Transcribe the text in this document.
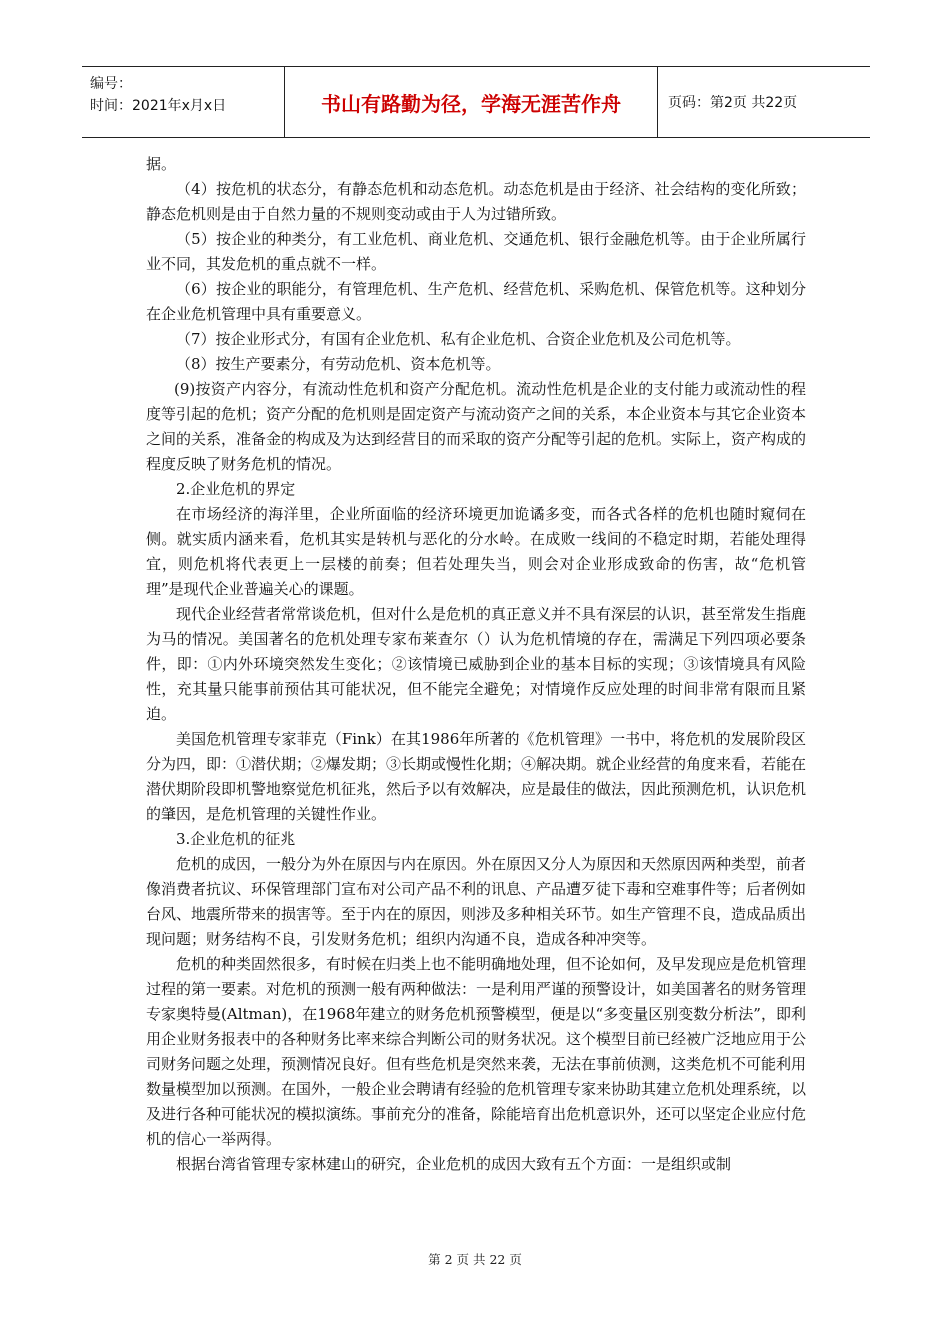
编号：
时间：2021年x月x日	书山有路勤为径，学海无涯苦作舟	页码：第2页 共22页

据。

（4）按危机的状态分，有静态危机和动态危机。动态危机是由于经济、社会结构的变化所致；静态危机则是由于自然力量的不规则变动或由于人为过错所致。

（5）按企业的种类分，有工业危机、商业危机、交通危机、银行金融危机等。由于企业所属行业不同，其发危机的重点就不一样。

（6）按企业的职能分，有管理危机、生产危机、经营危机、采购危机、保管危机等。这种划分在企业危机管理中具有重要意义。

（7）按企业形式分，有国有企业危机、私有企业危机、合资企业危机及公司危机等。

（8）按生产要素分，有劳动危机、资本危机等。

(9)按资产内容分，有流动性危机和资产分配危机。流动性危机是企业的支付能力或流动性的程度等引起的危机；资产分配的危机则是固定资产与流动资产之间的关系，本企业资本与其它企业资本之间的关系，准备金的构成及为达到经营目的而采取的资产分配等引起的危机。实际上，资产构成的程度反映了财务危机的情况。

2.企业危机的界定

在市场经济的海洋里，企业所面临的经济环境更加诡谲多变，而各式各样的危机也随时窥伺在侧。就实质内涵来看，危机其实是转机与恶化的分水岭。在成败一线间的不稳定时期，若能处理得宜，则危机将代表更上一层楼的前奏；但若处理失当，则会对企业形成致命的伤害，故“危机管理”是现代企业普遍关心的课题。

现代企业经营者常常谈危机，但对什么是危机的真正意义并不具有深层的认识，甚至常发生指鹿为马的情况。美国著名的危机处理专家布莱查尔（）认为危机情境的存在，需满足下列四项必要条件，即：①内外环境突然发生变化；②该情境已威胁到企业的基本目标的实现；③该情境具有风险性，充其量只能事前预估其可能状况，但不能完全避免；对情境作反应处理的时间非常有限而且紧迫。

美国危机管理专家菲克（Fink）在其1986年所著的《危机管理》一书中，将危机的发展阶段区分为四，即：①潜伏期；②爆发期；③长期或慢性化期；④解决期。就企业经营的角度来看，若能在潜伏期阶段即机警地察觉危机征兆，然后予以有效解决，应是最佳的做法，因此预测危机，认识危机的肇因，是危机管理的关键性作业。

3.企业危机的征兆

危机的成因，一般分为外在原因与内在原因。外在原因又分人为原因和天然原因两种类型，前者像消费者抗议、环保管理部门宣布对公司产品不利的讯息、产品遭歹徒下毒和空难事件等；后者例如台风、地震所带来的损害等。至于内在的原因，则涉及多种相关环节。如生产管理不良，造成品质出现问题；财务结构不良，引发财务危机；组织内沟通不良，造成各种冲突等。

危机的种类固然很多，有时候在归类上也不能明确地处理，但不论如何，及早发现应是危机管理过程的第一要素。对危机的预测一般有两种做法：一是利用严谨的预警设计，如美国著名的财务管理专家奥特曼(Altman)，在1968年建立的财务危机预警模型，便是以“多变量区别变数分析法”，即利用企业财务报表中的各种财务比率来综合判断公司的财务状况。这个模型目前已经被广泛地应用于公司财务问题之处理，预测情况良好。但有些危机是突然来袭，无法在事前侦测，这类危机不可能利用数量模型加以预测。在国外，一般企业会聘请有经验的危机管理专家来协助其建立危机处理系统，以及进行各种可能状况的模拟演练。事前充分的准备，除能培育出危机意识外，还可以坚定企业应付危机的信心一举两得。

根据台湾省管理专家林建山的研究，企业危机的成因大致有五个方面：一是组织或制

第 2 页 共 22 页
